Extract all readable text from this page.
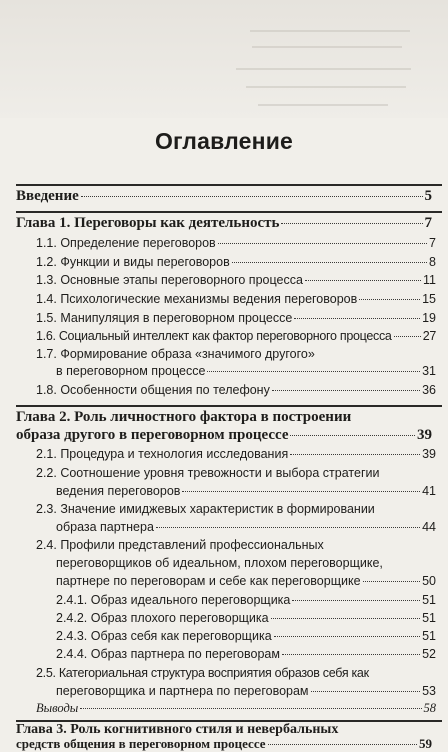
Оглавление
Введение	5
Глава 1. Переговоры как деятельность	7
1.1. Определение переговоров	7
1.2. Функции и виды переговоров	8
1.3. Основные этапы переговорного процесса	11
1.4. Психологические механизмы ведения переговоров	15
1.5. Манипуляция в переговорном процессе	19
1.6. Социальный интеллект как фактор переговорного процесса 27
1.7. Формирование образа «значимого другого»
в переговорном процессе	31
1.8. Особенности общения по телефону	36
Глава 2. Роль личностного фактора в построении
образа другого в переговорном процессе	39
2.1. Процедура и технология исследования	39
2.2. Соотношение уровня тревожности и выбора стратегии
ведения переговоров	41
2.3. Значение имиджевых характеристик в формировании
образа партнера	44
2.4. Профили представлений профессиональных
переговорщиков об идеальном, плохом переговорщике,
партнере по переговорам и себе как переговорщике	50
2.4.1. Образ идеального переговорщика	51
2.4.2. Образ плохого переговорщика	51
2.4.3. Образ себя как переговорщика	51
2.4.4. Образ партнера по переговорам	52
2.5. Категориальная структура восприятия образов себя как
переговорщика и партнера по переговорам	53
Выводы	58
Глава 3. Роль когнитивного стиля и невербальных
средств общения в переговорном процессе	59
